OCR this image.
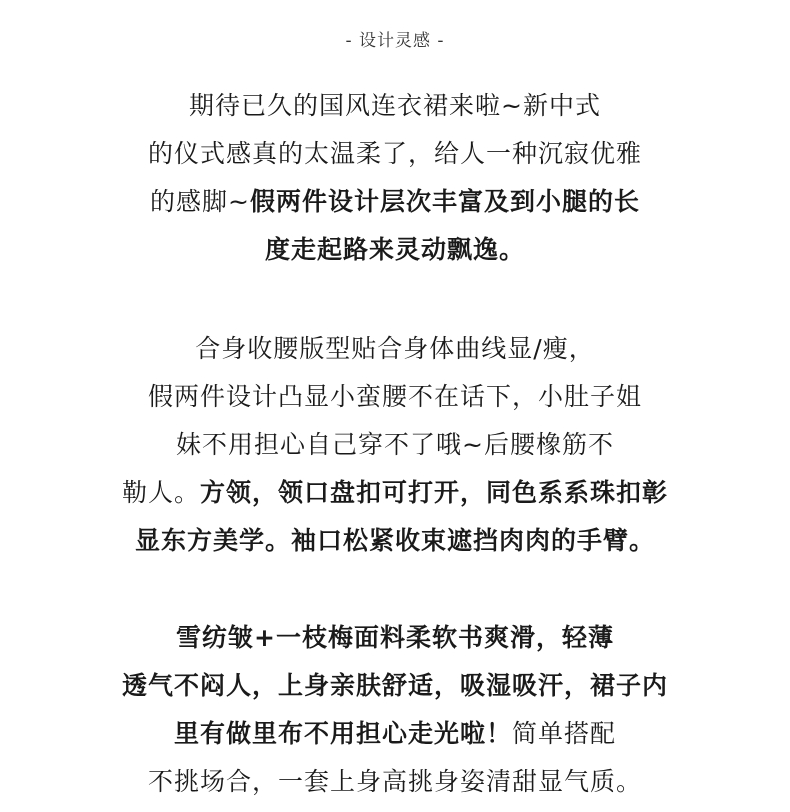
- 设计灵感 -
期待已久的国风连衣裙来啦~新中式
的仪式感真的太温柔了，给人一种沉寂优雅
的感脚~假两件设计层次丰富及到小腿的长
度走起路来灵动飘逸。
合身收腰版型贴合身体曲线显/瘦，
假两件设计凸显小蛮腰不在话下，小肚子姐
妹不用担心自己穿不了哦~后腰橡筋不
勒人。方领，领口盘扣可打开，同色系系珠扣彰
显东方美学。袖口松紧收束遮挡肉肉的手臂。
雪纺皱+一枝梅面料柔软书爽滑，轻薄
透气不闷人，上身亲肤舒适，吸湿吸汗，裙子内
里有做里布不用担心走光啦！简单搭配
不挑场合，一套上身高挑身姿清甜显气质。
